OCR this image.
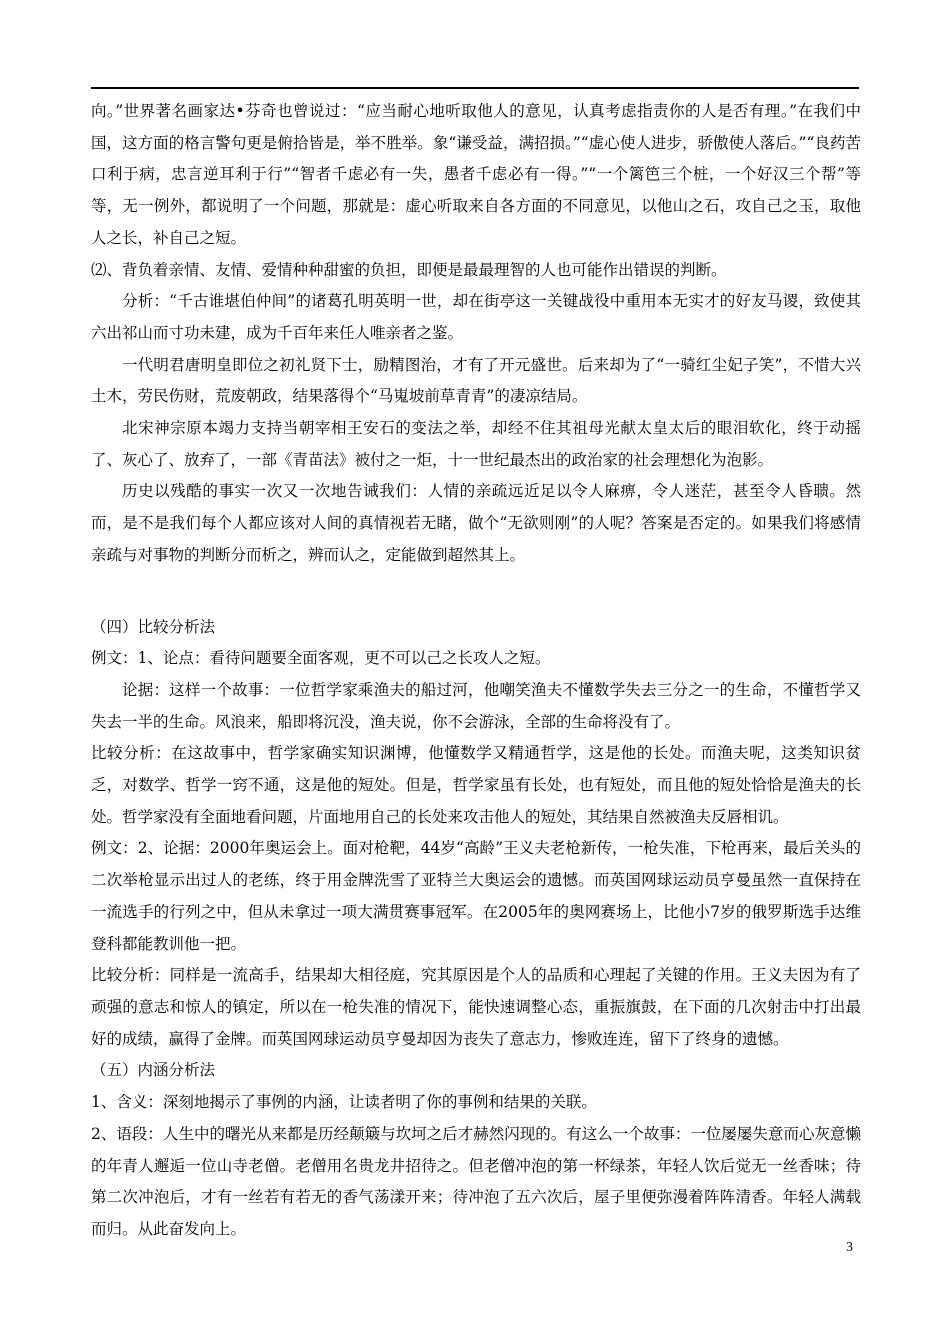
向。”世界著名画家达•芬奇也曾说过：“应当耐心地听取他人的意见，认真考虑指责你的人是否有理。”在我们中国，这方面的格言警句更是俯拾皆是，举不胜举。象“谦受益，满招损。”“虚心使人进步，骄傲使人落后。”“良药苦口利于病，忠言逆耳利于行”“智者千虑必有一失，愚者千虑必有一得。”“一个篱笆三个桩，一个好汉三个帮”等等，无一例外，都说明了一个问题，那就是：虚心听取来自各方面的不同意见，以他山之石，攻自己之玉，取他人之长，补自己之短。

⑵、背负着亲情、友情、爱情种种甜蜜的负担，即便是最最理智的人也可能作出错误的判断。

分析：“千古谁堪伯仲间”的诸葛孔明英明一世，却在街亭这一关键战役中重用本无实才的好友马谡，致使其六出祁山而寸功未建，成为千百年来任人唯亲者之鉴。

一代明君唐明皇即位之初礼贤下士，励精图治，才有了开元盛世。后来却为了“一骑红尘妃子笑”，不惜大兴土木，劳民伤财，荒废朝政，结果落得个“马嵬坡前草青青”的凄凉结局。

北宋神宗原本竭力支持当朝宰相王安石的变法之举，却经不住其祖母光献太皇太后的眼泪软化，终于动摇了、灰心了、放弃了，一部《青苗法》被付之一炬，十一世纪最杰出的政治家的社会理想化为泡影。

历史以残酷的事实一次又一次地告诫我们：人情的亲疏远近足以令人麻痹，令人迷茫，甚至令人昏聩。然而，是不是我们每个人都应该对人间的真情视若无睹，做个“无欲则刚”的人呢？答案是否定的。如果我们将感情亲疏与对事物的判断分而析之，辨而认之，定能做到超然其上。

（四）比较分析法

例文：1、论点：看待问题要全面客观，更不可以己之长攻人之短。

论据：这样一个故事：一位哲学家乘渔夫的船过河，他嘲笑渔夫不懂数学失去三分之一的生命，不懂哲学又失去一半的生命。风浪来，船即将沉没，渔夫说，你不会游泳，全部的生命将没有了。

比较分析：在这故事中，哲学家确实知识渊博，他懂数学又精通哲学，这是他的长处。而渔夫呢，这类知识贫乏，对数学、哲学一窍不通，这是他的短处。但是，哲学家虽有长处，也有短处，而且他的短处恰恰是渔夫的长处。哲学家没有全面地看问题，片面地用自己的长处来攻击他人的短处，其结果自然被渔夫反唇相讥。

例文：2、论据：2000年奥运会上。面对枪靶，44岁“高龄”王义夫老枪新传，一枪失准，下枪再来，最后关头的二次举枪显示出过人的老练，终于用金牌洗雪了亚特兰大奥运会的遗憾。而英国网球运动员亨曼虽然一直保持在一流选手的行列之中，但从未拿过一项大满贯赛事冠军。在2005年的奥网赛场上，比他小7岁的俄罗斯选手达维登科都能教训他一把。

比较分析：同样是一流高手，结果却大相径庭，究其原因是个人的品质和心理起了关键的作用。王义夫因为有了顽强的意志和惊人的镇定，所以在一枪失准的情况下，能快速调整心态，重振旗鼓，在下面的几次射击中打出最好的成绩，赢得了金牌。而英国网球运动员亨曼却因为丧失了意志力，惨败连连，留下了终身的遗憾。

（五）内涵分析法

1、含义：深刻地揭示了事例的内涵，让读者明了你的事例和结果的关联。

2、语段：人生中的曙光从来都是历经颠簸与坎坷之后才赫然闪现的。有这么一个故事：一位屡屡失意而心灰意懒的年青人邂逅一位山寺老僧。老僧用名贵龙井招待之。但老僧冲泡的第一杯绿茶，年轻人饮后觉无一丝香味；待第二次冲泡后，才有一丝若有若无的香气荡漾开来；待冲泡了五六次后，屋子里便弥漫着阵阵清香。年轻人满载而归。从此奋发向上。

3
